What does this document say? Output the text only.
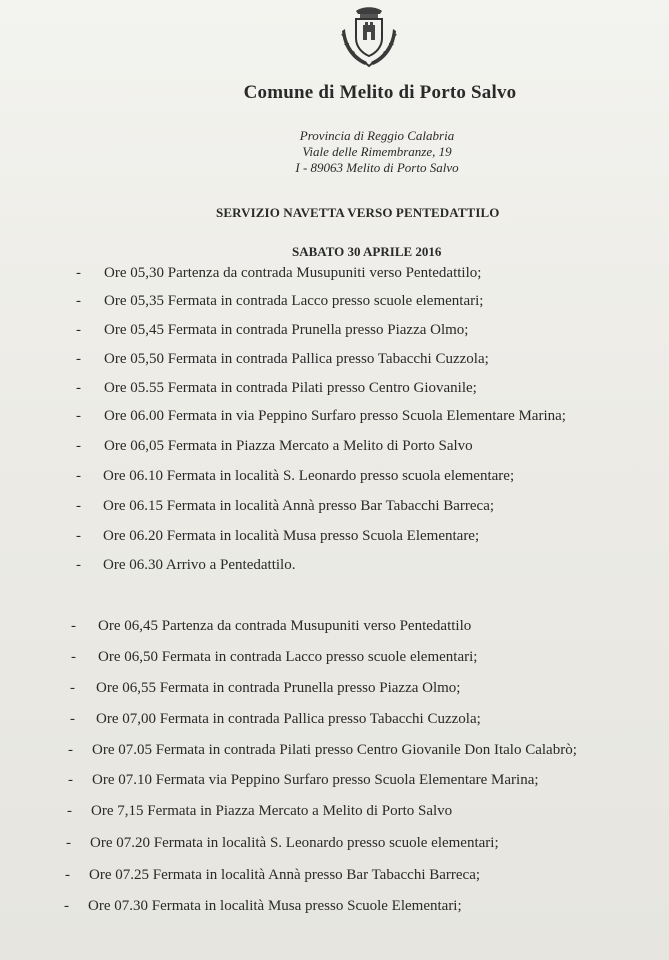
Comune di Melito di Porto Salvo
Provincia di Reggio Calabria
Viale delle Rimembranze, 19
I - 89063 Melito di Porto Salvo
SERVIZIO NAVETTA VERSO PENTEDATTILO
SABATO 30 APRILE 2016
- Ore 05,30 Partenza da contrada Musupuniti verso Pentedattilo;
- Ore 05,35 Fermata in contrada Lacco presso scuole elementari;
- Ore 05,45 Fermata in contrada Prunella presso Piazza Olmo;
- Ore 05,50 Fermata in contrada Pallica presso Tabacchi Cuzzola;
- Ore 05.55 Fermata in contrada Pilati presso Centro Giovanile;
- Ore 06.00 Fermata in via Peppino Surfaro presso Scuola Elementare Marina;
- Ore 06,05 Fermata in Piazza Mercato a Melito di Porto Salvo
- Ore 06.10 Fermata in località S. Leonardo presso scuola elementare;
- Ore 06.15 Fermata in località Annà presso Bar Tabacchi Barreca;
- Ore 06.20 Fermata in località Musa presso Scuola Elementare;
- Ore 06.30 Arrivo a Pentedattilo.
- Ore 06,45 Partenza da contrada Musupuniti verso Pentedattilo
- Ore 06,50 Fermata in contrada Lacco presso scuole elementari;
- Ore 06,55 Fermata in contrada Prunella presso Piazza Olmo;
- Ore 07,00 Fermata in contrada Pallica presso Tabacchi Cuzzola;
- Ore 07.05 Fermata in contrada Pilati presso Centro Giovanile Don Italo Calabrò;
- Ore 07.10 Fermata via Peppino Surfaro presso Scuola Elementare Marina;
- Ore 7,15 Fermata in Piazza Mercato a Melito di Porto Salvo
- Ore 07.20 Fermata in località S. Leonardo presso scuole elementari;
- Ore 07.25 Fermata in località Annà presso Bar Tabacchi Barreca;
- Ore 07.30 Fermata in località Musa presso Scuole Elementari;
